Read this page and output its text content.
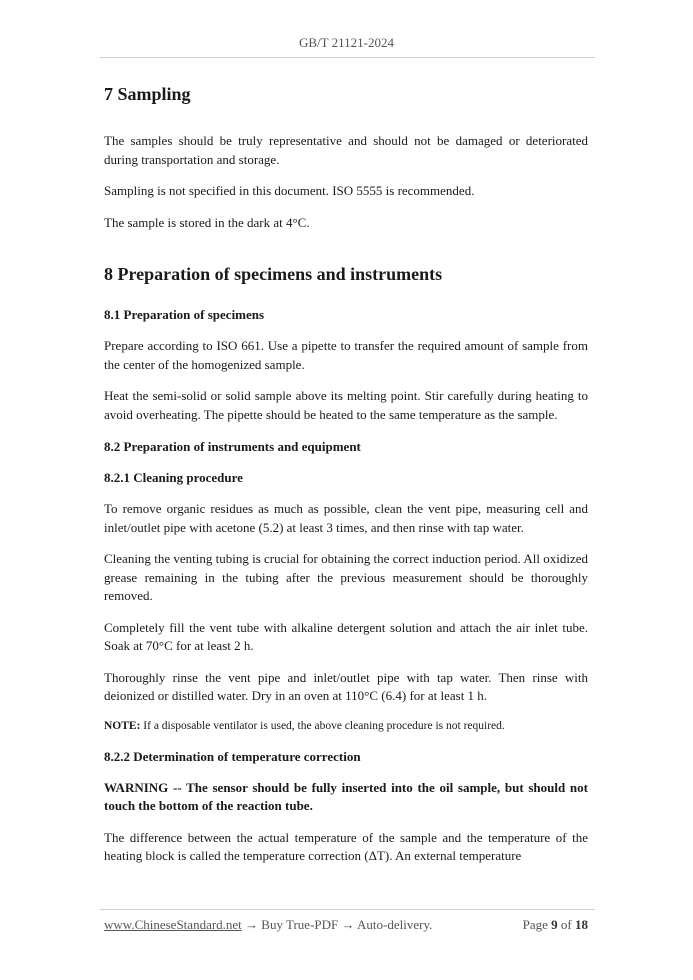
GB/T 21121-2024
7 Sampling

The samples should be truly representative and should not be damaged or deteriorated during transportation and storage.

Sampling is not specified in this document. ISO 5555 is recommended.

The sample is stored in the dark at 4°C.

8 Preparation of specimens and instruments
8.1 Preparation of specimens

Prepare according to ISO 661. Use a pipette to transfer the required amount of sample from the center of the homogenized sample.

Heat the semi-solid or solid sample above its melting point. Stir carefully during heating to avoid overheating. The pipette should be heated to the same temperature as the sample.

8.2 Preparation of instruments and equipment
8.2.1 Cleaning procedure

To remove organic residues as much as possible, clean the vent pipe, measuring cell and inlet/outlet pipe with acetone (5.2) at least 3 times, and then rinse with tap water.

Cleaning the venting tubing is crucial for obtaining the correct induction period. All oxidized grease remaining in the tubing after the previous measurement should be thoroughly removed.

Completely fill the vent tube with alkaline detergent solution and attach the air inlet tube. Soak at 70°C for at least 2 h.

Thoroughly rinse the vent pipe and inlet/outlet pipe with tap water. Then rinse with deionized or distilled water. Dry in an oven at 110°C (6.4) for at least 1 h.

NOTE: If a disposable ventilator is used, the above cleaning procedure is not required.

8.2.2 Determination of temperature correction

WARNING -- The sensor should be fully inserted into the oil sample, but should not touch the bottom of the reaction tube.

The difference between the actual temperature of the sample and the temperature of the heating block is called the temperature correction (ΔT). An external temperature

www.ChineseStandard.net → Buy True-PDF → Auto-delivery.	Page 9 of 18
